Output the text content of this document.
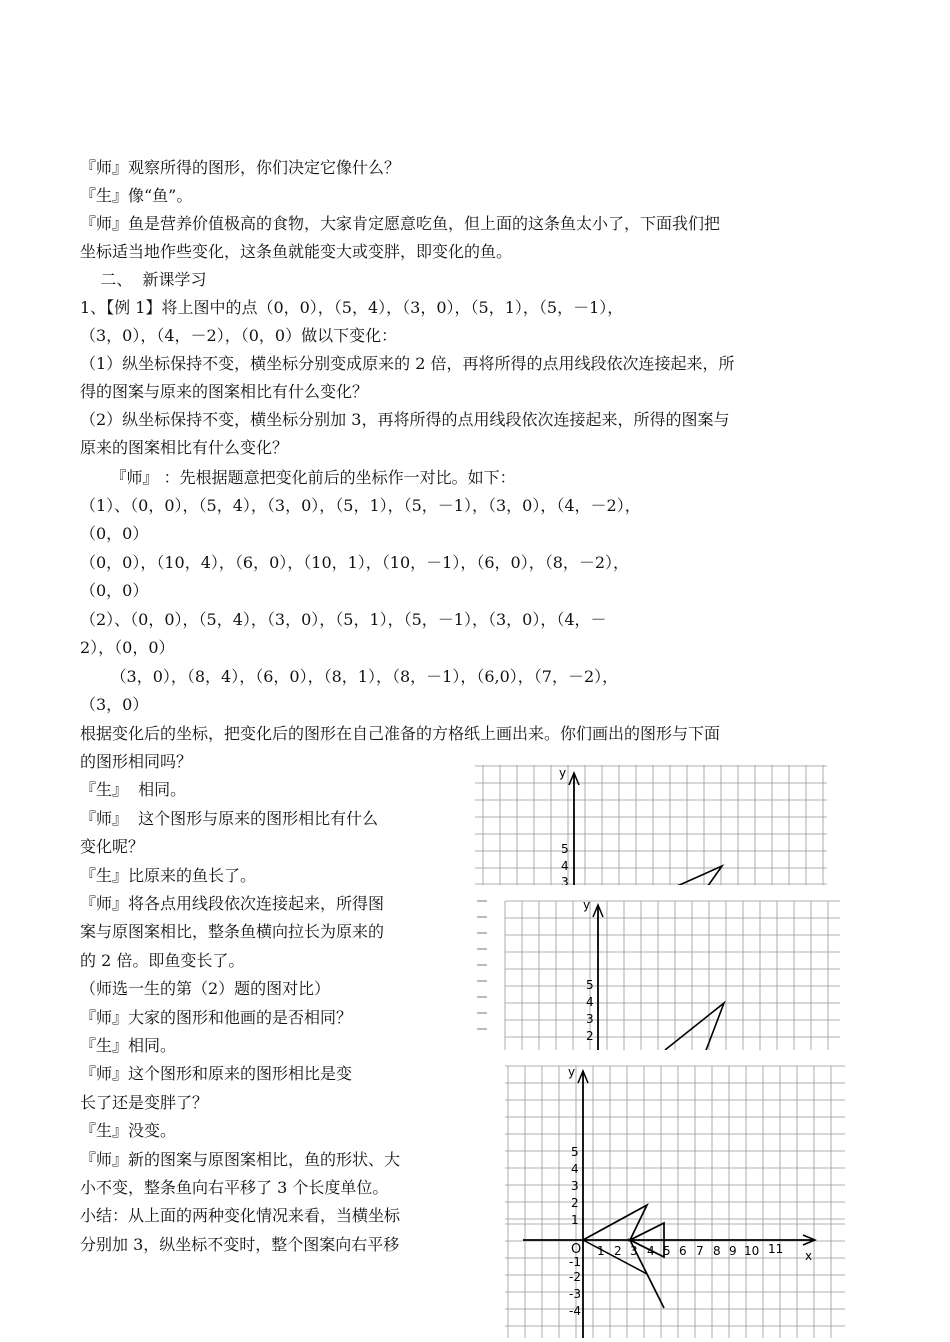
『师』观察所得的图形，你们决定它像什么？
『生』像“鱼”。
『师』鱼是营养价值极高的食物，大家肯定愿意吃鱼，但上面的这条鱼太小了，下面我们把
坐标适当地作些变化，这条鱼就能变大或变胖，即变化的鱼。
二、  新课学习
1、【例 1】将上图中的点（0，0），（5，4），（3，0），（5，1），（5，－1），
（3，0），（4，－2），（0，0）做以下变化：
（1）纵坐标保持不变，横坐标分别变成原来的 2 倍，再将所得的点用线段依次连接起来，所
得的图案与原来的图案相比有什么变化？
（2）纵坐标保持不变，横坐标分别加 3，再将所得的点用线段依次连接起来，所得的图案与
原来的图案相比有什么变化？
『师』 ：先根据题意把变化前后的坐标作一对比。如下：
（1）、（0，0），（5，4），（3，0），（5，1），（5，－1），（3，0），（4，－2），
（0，0）
（0，0），（10，4），（6，0），（10，1），（10，－1），（6，0），（8，－2），
（0，0）
（2）、（0，0），（5，4），（3，0），（5，1），（5，－1），（3，0），（4，－
2），（0，0）
（3，0），（8，4），（6，0），（8，1），（8，－1），（6,0），（7，－2），
（3，0）
根据变化后的坐标，把变化后的图形在自己准备的方格纸上画出来。你们画出的图形与下面
的图形相同吗？
『生』  相同。
『师』  这个图形与原来的图形相比有什么
变化呢？
『生』比原来的鱼长了。
『师』将各点用线段依次连接起来，所得图
案与原图案相比，整条鱼横向拉长为原来的
的 2 倍。即鱼变长了。
（师选一生的第（2）题的图对比）
『师』大家的图形和他画的是否相同？
『生』相同。
『师』这个图形和原来的图形相比是变
长了还是变胖了？
『生』没变。
『师』新的图案与原图案相比，鱼的形状、大
小不变，整条鱼向右平移了 3 个长度单位。
小结：从上面的两种变化情况来看，当横坐标
分别加 3，纵坐标不变时，整个图案向右平移
y
5
4
3
y
5
4
3
2
y
x
O
5
4
3
2
1
-1
-2
-3
-4
1 2 3 4 5 6 7 8 9 10 11
